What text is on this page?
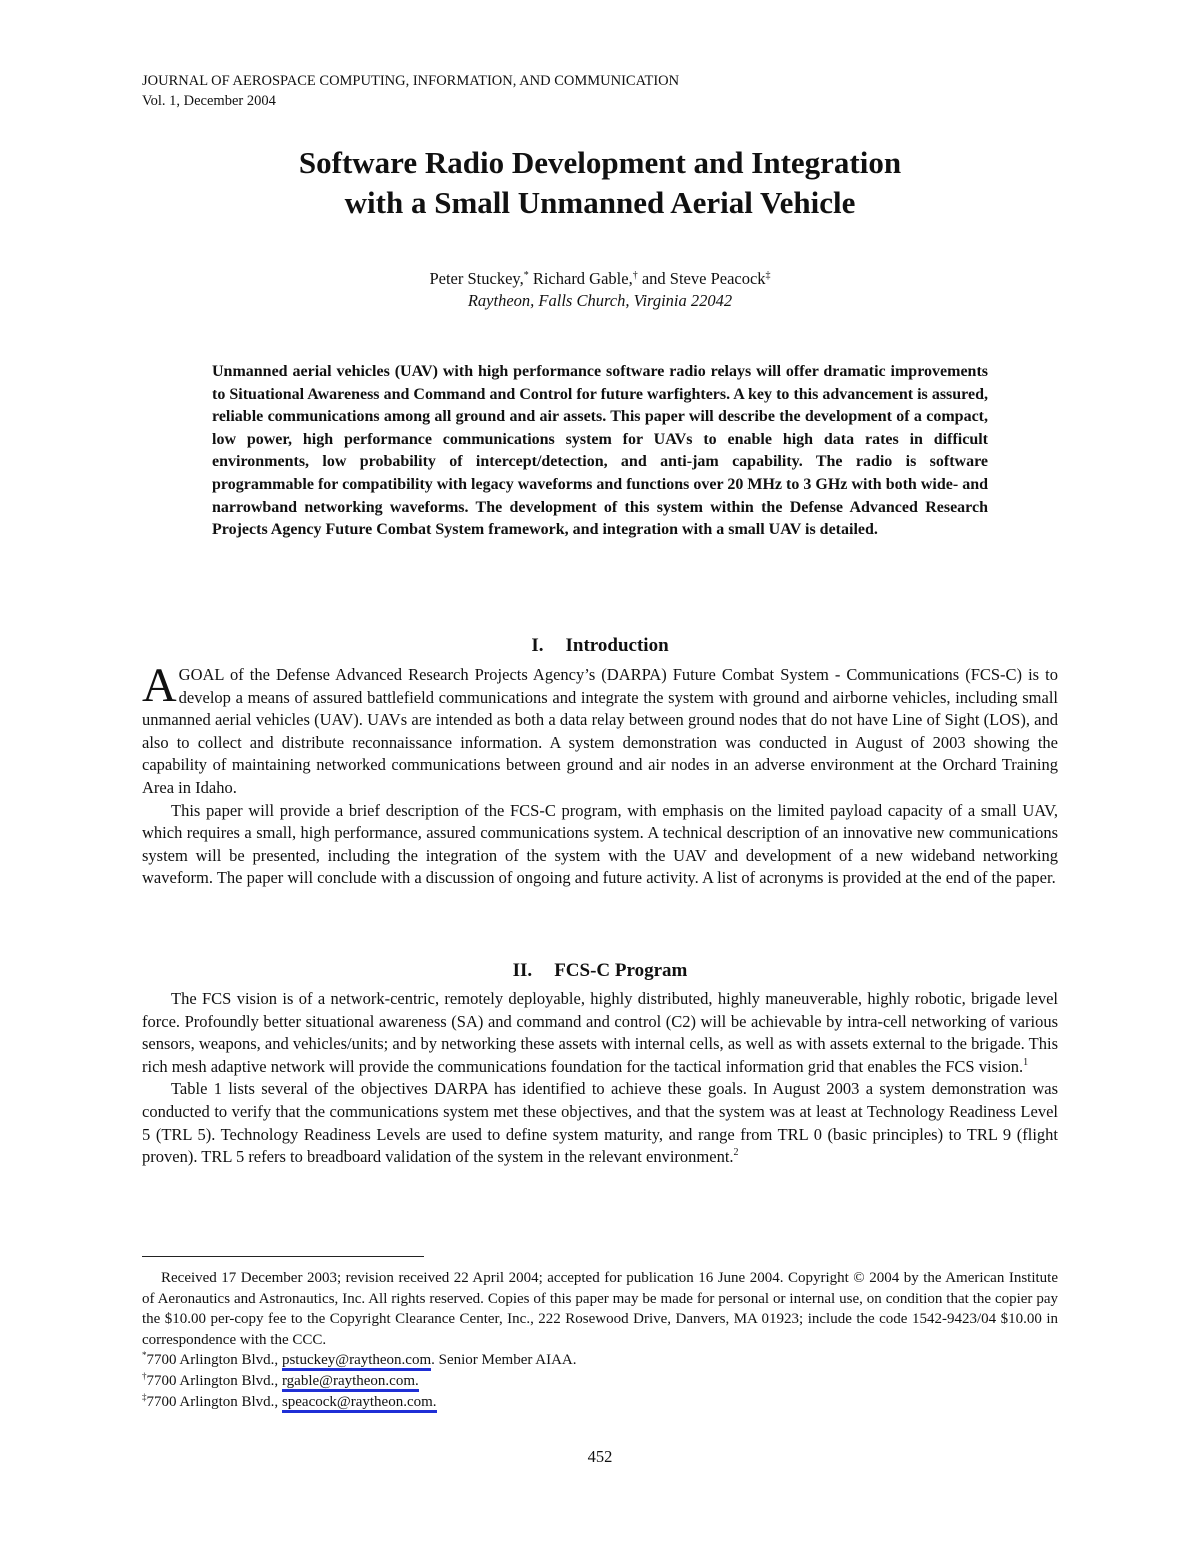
JOURNAL OF AEROSPACE COMPUTING, INFORMATION, AND COMMUNICATION
Vol. 1, December 2004
Software Radio Development and Integration
with a Small Unmanned Aerial Vehicle
Peter Stuckey,* Richard Gable,† and Steve Peacock‡
Raytheon, Falls Church, Virginia 22042
Unmanned aerial vehicles (UAV) with high performance software radio relays will offer dramatic improvements to Situational Awareness and Command and Control for future warfighters. A key to this advancement is assured, reliable communications among all ground and air assets. This paper will describe the development of a compact, low power, high performance communications system for UAVs to enable high data rates in difficult environments, low probability of intercept/detection, and anti-jam capability. The radio is software programmable for compatibility with legacy waveforms and functions over 20 MHz to 3 GHz with both wide- and narrowband networking waveforms. The development of this system within the Defense Advanced Research Projects Agency Future Combat System framework, and integration with a small UAV is detailed.
I. Introduction

AGOAL of the Defense Advanced Research Projects Agency’s (DARPA) Future Combat System - Communications (FCS-C) is to develop a means of assured battlefield communications and integrate the system with ground and airborne vehicles, including small unmanned aerial vehicles (UAV). UAVs are intended as both a data relay between ground nodes that do not have Line of Sight (LOS), and also to collect and distribute reconnaissance information. A system demonstration was conducted in August of 2003 showing the capability of maintaining networked communications between ground and air nodes in an adverse environment at the Orchard Training Area in Idaho.

This paper will provide a brief description of the FCS-C program, with emphasis on the limited payload capacity of a small UAV, which requires a small, high performance, assured communications system. A technical description of an innovative new communications system will be presented, including the integration of the system with the UAV and development of a new wideband networking waveform. The paper will conclude with a discussion of ongoing and future activity. A list of acronyms is provided at the end of the paper.

II. FCS-C Program

The FCS vision is of a network-centric, remotely deployable, highly distributed, highly maneuverable, highly robotic, brigade level force. Profoundly better situational awareness (SA) and command and control (C2) will be achievable by intra-cell networking of various sensors, weapons, and vehicles/units; and by networking these assets with internal cells, as well as with assets external to the brigade. This rich mesh adaptive network will provide the communications foundation for the tactical information grid that enables the FCS vision.$^1$

Table 1 lists several of the objectives DARPA has identified to achieve these goals. In August 2003 a system demonstration was conducted to verify that the communications system met these objectives, and that the system was at least at Technology Readiness Level 5 (TRL 5). Technology Readiness Levels are used to define system maturity, and range from TRL 0 (basic principles) to TRL 9 (flight proven). TRL 5 refers to breadboard validation of the system in the relevant environment.$^2$

Received 17 December 2003; revision received 22 April 2004; accepted for publication 16 June 2004. Copyright © 2004 by the American Institute of Aeronautics and Astronautics, Inc. All rights reserved. Copies of this paper may be made for personal or internal use, on condition that the copier pay the $10.00 per-copy fee to the Copyright Clearance Center, Inc., 222 Rosewood Drive, Danvers, MA 01923; include the code 1542-9423/04 $10.00 in correspondence with the CCC.

*7700 Arlington Blvd., pstuckey@raytheon.com. Senior Member AIAA.

†7700 Arlington Blvd., rgable@raytheon.com.

‡7700 Arlington Blvd., speacock@raytheon.com.

452
